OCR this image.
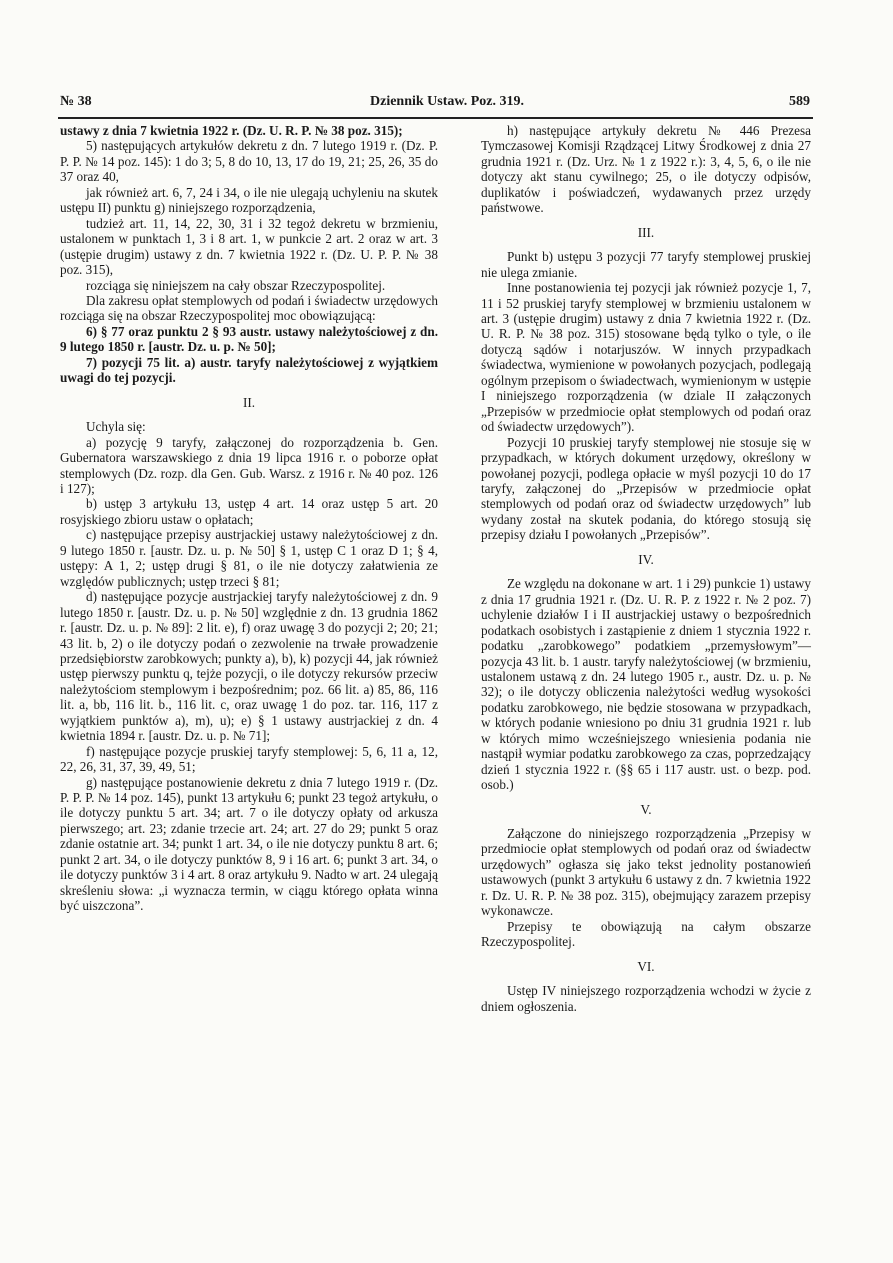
№ 38	Dziennik Ustaw. Poz. 319.	589

ustawy z dnia 7 kwietnia 1922 r. (Dz. U. R. P. № 38 poz. 315);

5) następujących artykułów dekretu z dn. 7 lutego 1919 r. (Dz. P. P. P. № 14 poz. 145): 1 do 3; 5, 8 do 10, 13, 17 do 19, 21; 25, 26, 35 do 37 oraz 40,

jak również art. 6, 7, 24 i 34, o ile nie ulegają uchyleniu na skutek ustępu II) punktu g) niniejszego rozporządzenia,

tudzież art. 11, 14, 22, 30, 31 i 32 tegoż dekretu w brzmieniu, ustalonem w punktach 1, 3 i 8 art. 1, w punkcie 2 art. 2 oraz w art. 3 (ustępie drugim) ustawy z dn. 7 kwietnia 1922 r. (Dz. U. P. P. № 38 poz. 315),

rozciąga się niniejszem na cały obszar Rzeczypospolitej.

Dla zakresu opłat stemplowych od podań i świadectw urzędowych rozciąga się na obszar Rzeczypospolitej moc obowiązującą:

6) § 77 oraz punktu 2 § 93 austr. ustawy należytościowej z dn. 9 lutego 1850 r. [austr. Dz. u. p. № 50];

7) pozycji 75 lit. a) austr. taryfy należytościowej z wyjątkiem uwagi do tej pozycji.

II.

Uchyla się:

a) pozycję 9 taryfy, załączonej do rozporządzenia b. Gen. Gubernatora warszawskiego z dnia 19 lipca 1916 r. o poborze opłat stemplowych (Dz. rozp. dla Gen. Gub. Warsz. z 1916 r. № 40 poz. 126 i 127);

b) ustęp 3 artykułu 13, ustęp 4 art. 14 oraz ustęp 5 art. 20 rosyjskiego zbioru ustaw o opłatach;

c) następujące przepisy austrjackiej ustawy należytościowej z dn. 9 lutego 1850 r. [austr. Dz. u. p. № 50] § 1, ustęp C 1 oraz D 1; § 4, ustępy: A 1, 2; ustęp drugi § 81, o ile nie dotyczy załatwienia ze względów publicznych; ustęp trzeci § 81;

d) następujące pozycje austrjackiej taryfy należytościowej z dn. 9 lutego 1850 r. [austr. Dz. u. p. № 50] względnie z dn. 13 grudnia 1862 r. [austr. Dz. u. p. № 89]: 2 lit. e), f) oraz uwagę 3 do pozycji 2; 20; 21; 43 lit. b, 2) o ile dotyczy podań o zezwolenie na trwałe prowadzenie przedsiębiorstw zarobkowych; punkty a), b), k) pozycji 44, jak również ustęp pierwszy punktu q, tejże pozycji, o ile dotyczy rekursów przeciw należytościom stemplowym i bezpośrednim; poz. 66 lit. a) 85, 86, 116 lit. a, bb, 116 lit. b., 116 lit. c, oraz uwagę 1 do poz. tar. 116, 117 z wyjątkiem punktów a), m), u); e) § 1 ustawy austrjackiej z dn. 4 kwietnia 1894 r. [austr. Dz. u. p. № 71];

f) następujące pozycje pruskiej taryfy stemplowej: 5, 6, 11 a, 12, 22, 26, 31, 37, 39, 49, 51;

g) następujące postanowienie dekretu z dnia 7 lutego 1919 r. (Dz. P. P. P. № 14 poz. 145), punkt 13 artykułu 6; punkt 23 tegoż artykułu, o ile dotyczy punktu 5 art. 34; art. 7 o ile dotyczy opłaty od arkusza pierwszego; art. 23; zdanie trzecie art. 24; art. 27 do 29; punkt 5 oraz zdanie ostatnie art. 34; punkt 1 art. 34, o ile nie dotyczy punktu 8 art. 6; punkt 2 art. 34, o ile dotyczy punktów 8, 9 i 16 art. 6; punkt 3 art. 34, o ile dotyczy punktów 3 i 4 art. 8 oraz artykułu 9. Nadto w art. 24 ulegają skreśleniu słowa: „i wyznacza termin, w ciągu którego opłata winna być uiszczona”.

h) następujące artykuły dekretu № 446 Prezesa Tymczasowej Komisji Rządzącej Litwy Środkowej z dnia 27 grudnia 1921 r. (Dz. Urz. № 1 z 1922 r.): 3, 4, 5, 6, o ile nie dotyczy akt stanu cywilnego; 25, o ile dotyczy odpisów, duplikatów i poświadczeń, wydawanych przez urzędy państwowe.

III.

Punkt b) ustępu 3 pozycji 77 taryfy stemplowej pruskiej nie ulega zmianie.

Inne postanowienia tej pozycji jak również pozycje 1, 7, 11 i 52 pruskiej taryfy stemplowej w brzmieniu ustalonem w art. 3 (ustępie drugim) ustawy z dnia 7 kwietnia 1922 r. (Dz. U. R. P. № 38 poz. 315) stosowane będą tylko o tyle, o ile dotyczą sądów i notarjuszów. W innych przypadkach świadectwa, wymienione w powołanych pozycjach, podlegają ogólnym przepisom o świadectwach, wymienionym w ustępie I niniejszego rozporządzenia (w dziale II załączonych „Przepisów w przedmiocie opłat stemplowych od podań oraz od świadectw urzędowych”).

Pozycji 10 pruskiej taryfy stemplowej nie stosuje się w przypadkach, w których dokument urzędowy, określony w powołanej pozycji, podlega opłacie w myśl pozycji 10 do 17 taryfy, załączonej do „Przepisów w przedmiocie opłat stemplowych od podań oraz od świadectw urzędowych” lub wydany został na skutek podania, do którego stosują się przepisy działu I powołanych „Przepisów”.

IV.

Ze względu na dokonane w art. 1 i 29) punkcie 1) ustawy z dnia 17 grudnia 1921 r. (Dz. U. R. P. z 1922 r. № 2 poz. 7) uchylenie działów I i II austrjackiej ustawy o bezpośrednich podatkach osobistych i zastąpienie z dniem 1 stycznia 1922 r. podatku „zarobkowego” podatkiem „przemysłowym”— pozycja 43 lit. b. 1 austr. taryfy należytościowej (w brzmieniu, ustalonem ustawą z dn. 24 lutego 1905 r., austr. Dz. u. p. № 32); o ile dotyczy obliczenia należytości według wysokości podatku zarobkowego, nie będzie stosowana w przypadkach, w których podanie wniesiono po dniu 31 grudnia 1921 r. lub w których mimo wcześniejszego wniesienia podania nie nastąpił wymiar podatku zarobkowego za czas, poprzedzający dzień 1 stycznia 1922 r. (§§ 65 i 117 austr. ust. o bezp. pod. osob.)

V.

Załączone do niniejszego rozporządzenia „Przepisy w przedmiocie opłat stemplowych od podań oraz od świadectw urzędowych” ogłasza się jako tekst jednolity postanowień ustawowych (punkt 3 artykułu 6 ustawy z dn. 7 kwietnia 1922 r. Dz. U. R. P. № 38 poz. 315), obejmujący zarazem przepisy wykonawcze.

Przepisy te obowiązują na całym obszarze Rzeczypospolitej.

VI.

Ustęp IV niniejszego rozporządzenia wchodzi w życie z dniem ogłoszenia.
